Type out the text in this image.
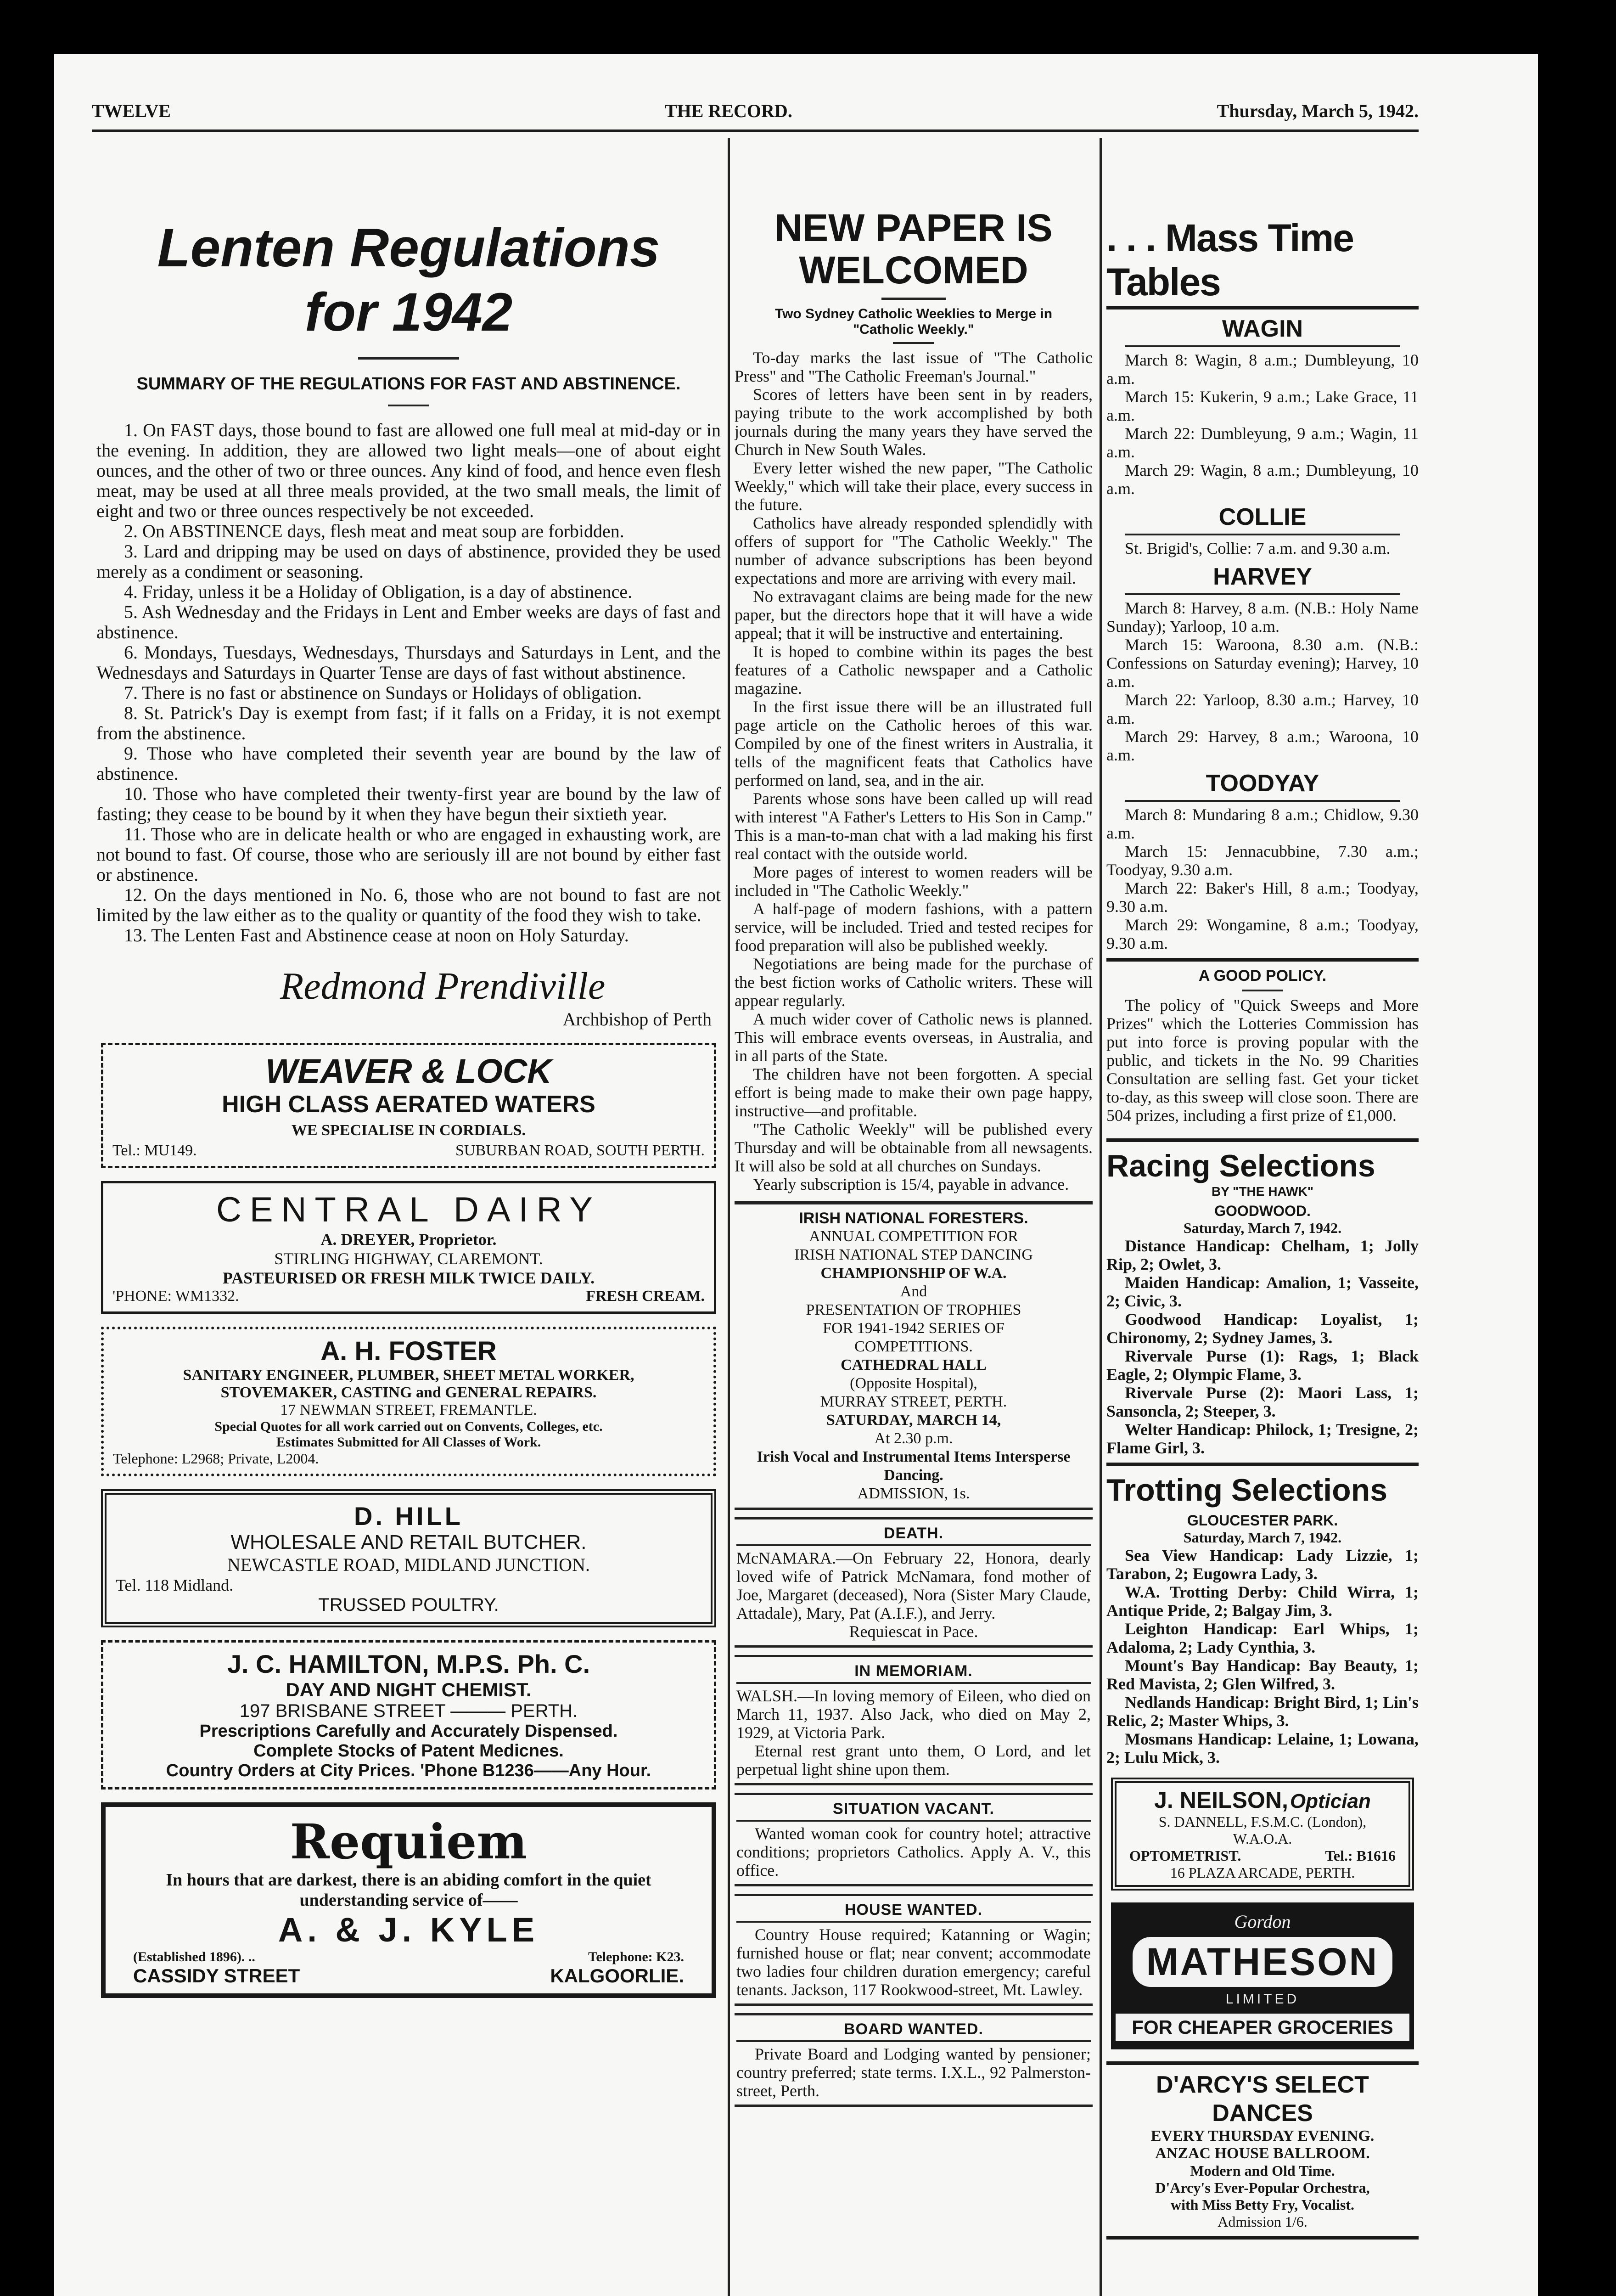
TWELVE	THE RECORD.	Thursday, March 5, 1942.
Lenten Regulations
for 1942
SUMMARY OF THE REGULATIONS FOR FAST AND ABSTINENCE.

1. On FAST days, those bound to fast are allowed one full meal at mid-day or in the evening. In addition, they are allowed two light meals—one of about eight ounces, and the other of two or three ounces. Any kind of food, and hence even flesh meat, may be used at all three meals provided, at the two small meals, the limit of eight and two or three ounces respectively be not exceeded.

2. On ABSTINENCE days, flesh meat and meat soup are forbidden.

3. Lard and dripping may be used on days of abstinence, provided they be used merely as a condiment or seasoning.

4. Friday, unless it be a Holiday of Obligation, is a day of abstinence.

5. Ash Wednesday and the Fridays in Lent and Ember weeks are days of fast and abstinence.

6. Mondays, Tuesdays, Wednesdays, Thursdays and Saturdays in Lent, and the Wednesdays and Saturdays in Quarter Tense are days of fast without abstinence.

7. There is no fast or abstinence on Sundays or Holidays of obligation.

8. St. Patrick's Day is exempt from fast; if it falls on a Friday, it is not exempt from the abstinence.

9. Those who have completed their seventh year are bound by the law of abstinence.

10. Those who have completed their twenty-first year are bound by the law of fasting; they cease to be bound by it when they have begun their sixtieth year.

11. Those who are in delicate health or who are engaged in exhausting work, are not bound to fast. Of course, those who are seriously ill are not bound by either fast or abstinence.

12. On the days mentioned in No. 6, those who are not bound to fast are not limited by the law either as to the quality or quantity of the food they wish to take.

13. The Lenten Fast and Abstinence cease at noon on Holy Saturday.

Redmond Prendiville
Archbishop of Perth
WEAVER & LOCK
HIGH CLASS AERATED WATERS
WE SPECIALISE IN CORDIALS.
Tel.: MU149.	SUBURBAN ROAD, SOUTH PERTH.
CENTRAL DAIRY
A. DREYER, Proprietor.
STIRLING HIGHWAY, CLAREMONT.
PASTEURISED OR FRESH MILK TWICE DAILY.
'PHONE: WM1332.	FRESH CREAM.
A. H. FOSTER
SANITARY ENGINEER, PLUMBER, SHEET METAL WORKER,
STOVEMAKER, CASTING and GENERAL REPAIRS.
17 NEWMAN STREET, FREMANTLE.
Special Quotes for all work carried out on Convents, Colleges, etc.
Estimates Submitted for All Classes of Work.
Telephone: L2968; Private, L2004.
D. HILL
WHOLESALE AND RETAIL BUTCHER.
NEWCASTLE ROAD, MIDLAND JUNCTION.
Tel. 118 Midland.
TRUSSED POULTRY.
J. C. HAMILTON, M.P.S. Ph. C.
DAY AND NIGHT CHEMIST.
197 BRISBANE STREET ——— PERTH.
Prescriptions Carefully and Accurately Dispensed.
Complete Stocks of Patent Medicnes.
Country Orders at City Prices. 'Phone B1236——Any Hour.
Requiem
In hours that are darkest, there is an abiding comfort in the quiet understanding service of——
A. & J. KYLE
(Established 1896). ..	Telephone: K23.
CASSIDY STREET	KALGOORLIE.
NEW PAPER IS WELCOMED
Two Sydney Catholic Weeklies to Merge in "Catholic Weekly."

To-day marks the last issue of "The Catholic Press" and "The Catholic Freeman's Journal."

Scores of letters have been sent in by readers, paying tribute to the work accomplished by both journals during the many years they have served the Church in New South Wales.

Every letter wished the new paper, "The Catholic Weekly," which will take their place, every success in the future.

Catholics have already responded splendidly with offers of support for "The Catholic Weekly." The number of advance subscriptions has been beyond expectations and more are arriving with every mail.

No extravagant claims are being made for the new paper, but the directors hope that it will have a wide appeal; that it will be instructive and entertaining.

It is hoped to combine within its pages the best features of a Catholic newspaper and a Catholic magazine.

In the first issue there will be an illustrated full page article on the Catholic heroes of this war. Compiled by one of the finest writers in Australia, it tells of the magnificent feats that Catholics have performed on land, sea, and in the air.

Parents whose sons have been called up will read with interest "A Father's Letters to His Son in Camp." This is a man-to-man chat with a lad making his first real contact with the outside world.

More pages of interest to women readers will be included in "The Catholic Weekly."

A half-page of modern fashions, with a pattern service, will be included. Tried and tested recipes for food preparation will also be published weekly.

Negotiations are being made for the purchase of the best fiction works of Catholic writers. These will appear regularly.

A much wider cover of Catholic news is planned. This will embrace events overseas, in Australia, and in all parts of the State.

The children have not been forgotten. A special effort is being made to make their own page happy, instructive—and profitable.

"The Catholic Weekly" will be published every Thursday and will be obtainable from all newsagents. It will also be sold at all churches on Sundays.

Yearly subscription is 15/4, payable in advance.

IRISH NATIONAL FORESTERS.
ANNUAL COMPETITION FOR
IRISH NATIONAL STEP DANCING
CHAMPIONSHIP OF W.A.
And
PRESENTATION OF TROPHIES
FOR 1941-1942 SERIES OF
COMPETITIONS.
CATHEDRAL HALL
(Opposite Hospital),
MURRAY STREET, PERTH.
SATURDAY, MARCH 14,
At 2.30 p.m.
Irish Vocal and Instrumental Items Intersperse Dancing.
ADMISSION, 1s.
DEATH.
McNAMARA.—On February 22, Honora, dearly loved wife of Patrick McNamara, fond mother of Joe, Margaret (deceased), Nora (Sister Mary Claude, Attadale), Mary, Pat (A.I.F.), and Jerry.
Requiescat in Pace.
IN MEMORIAM.
WALSH.—In loving memory of Eileen, who died on March 11, 1937. Also Jack, who died on May 2, 1929, at Victoria Park.
Eternal rest grant unto them, O Lord, and let perpetual light shine upon them.
SITUATION VACANT.
Wanted woman cook for country hotel; attractive conditions; proprietors Catholics. Apply A. V., this office.
HOUSE WANTED.
Country House required; Katanning or Wagin; furnished house or flat; near convent; accommodate two ladies four children duration emergency; careful tenants. Jackson, 117 Rookwood-street, Mt. Lawley.
BOARD WANTED.
Private Board and Lodging wanted by pensioner; country preferred; state terms. I.X.L., 92 Palmerston-street, Perth.
. . . Mass Time Tables
WAGIN

March 8: Wagin, 8 a.m.; Dumbleyung, 10 a.m.

March 15: Kukerin, 9 a.m.; Lake Grace, 11 a.m.

March 22: Dumbleyung, 9 a.m.; Wagin, 11 a.m.

March 29: Wagin, 8 a.m.; Dumbleyung, 10 a.m.

COLLIE

St. Brigid's, Collie: 7 a.m. and 9.30 a.m.

HARVEY

March 8: Harvey, 8 a.m. (N.B.: Holy Name Sunday); Yarloop, 10 a.m.

March 15: Waroona, 8.30 a.m. (N.B.: Confessions on Saturday evening); Harvey, 10 a.m.

March 22: Yarloop, 8.30 a.m.; Harvey, 10 a.m.

March 29: Harvey, 8 a.m.; Waroona, 10 a.m.

TOODYAY

March 8: Mundaring 8 a.m.; Chidlow, 9.30 a.m.

March 15: Jennacubbine, 7.30 a.m.; Toodyay, 9.30 a.m.

March 22: Baker's Hill, 8 a.m.; Toodyay, 9.30 a.m.

March 29: Wongamine, 8 a.m.; Toodyay, 9.30 a.m.

A GOOD POLICY.
The policy of "Quick Sweeps and More Prizes" which the Lotteries Commission has put into force is proving popular with the public, and tickets in the No. 99 Charities Consultation are selling fast. Get your ticket to-day, as this sweep will close soon. There are 504 prizes, including a first prize of £1,000.
Racing Selections
BY "THE HAWK"
GOODWOOD.
Saturday, March 7, 1942.

Distance Handicap: Chelham, 1; Jolly Rip, 2; Owlet, 3.

Maiden Handicap: Amalion, 1; Vasseite, 2; Civic, 3.

Goodwood Handicap: Loyalist, 1; Chironomy, 2; Sydney James, 3.

Rivervale Purse (1): Rags, 1; Black Eagle, 2; Olympic Flame, 3.

Rivervale Purse (2): Maori Lass, 1; Sansoncla, 2; Steeper, 3.

Welter Handicap: Philock, 1; Tresigne, 2; Flame Girl, 3.

Trotting Selections
GLOUCESTER PARK.
Saturday, March 7, 1942.

Sea View Handicap: Lady Lizzie, 1; Tarabon, 2; Eugowra Lady, 3.

W.A. Trotting Derby: Child Wirra, 1; Antique Pride, 2; Balgay Jim, 3.

Leighton Handicap: Earl Whips, 1; Adaloma, 2; Lady Cynthia, 3.

Mount's Bay Handicap: Bay Beauty, 1; Red Mavista, 2; Glen Wilfred, 3.

Nedlands Handicap: Bright Bird, 1; Lin's Relic, 2; Master Whips, 3.

Mosmans Handicap: Lelaine, 1; Lowana, 2; Lulu Mick, 3.

J. NEILSON, Optician
S. DANNELL, F.S.M.C. (London),
W.A.O.A.
OPTOMETRIST.	Tel.: B1616
16 PLAZA ARCADE, PERTH.
Gordon
MATHESON
LIMITED
FOR CHEAPER GROCERIES
D'ARCY'S SELECT DANCES
EVERY THURSDAY EVENING.
ANZAC HOUSE BALLROOM.
Modern and Old Time.
D'Arcy's Ever-Popular Orchestra,
with Miss Betty Fry, Vocalist.
Admission 1/6.
